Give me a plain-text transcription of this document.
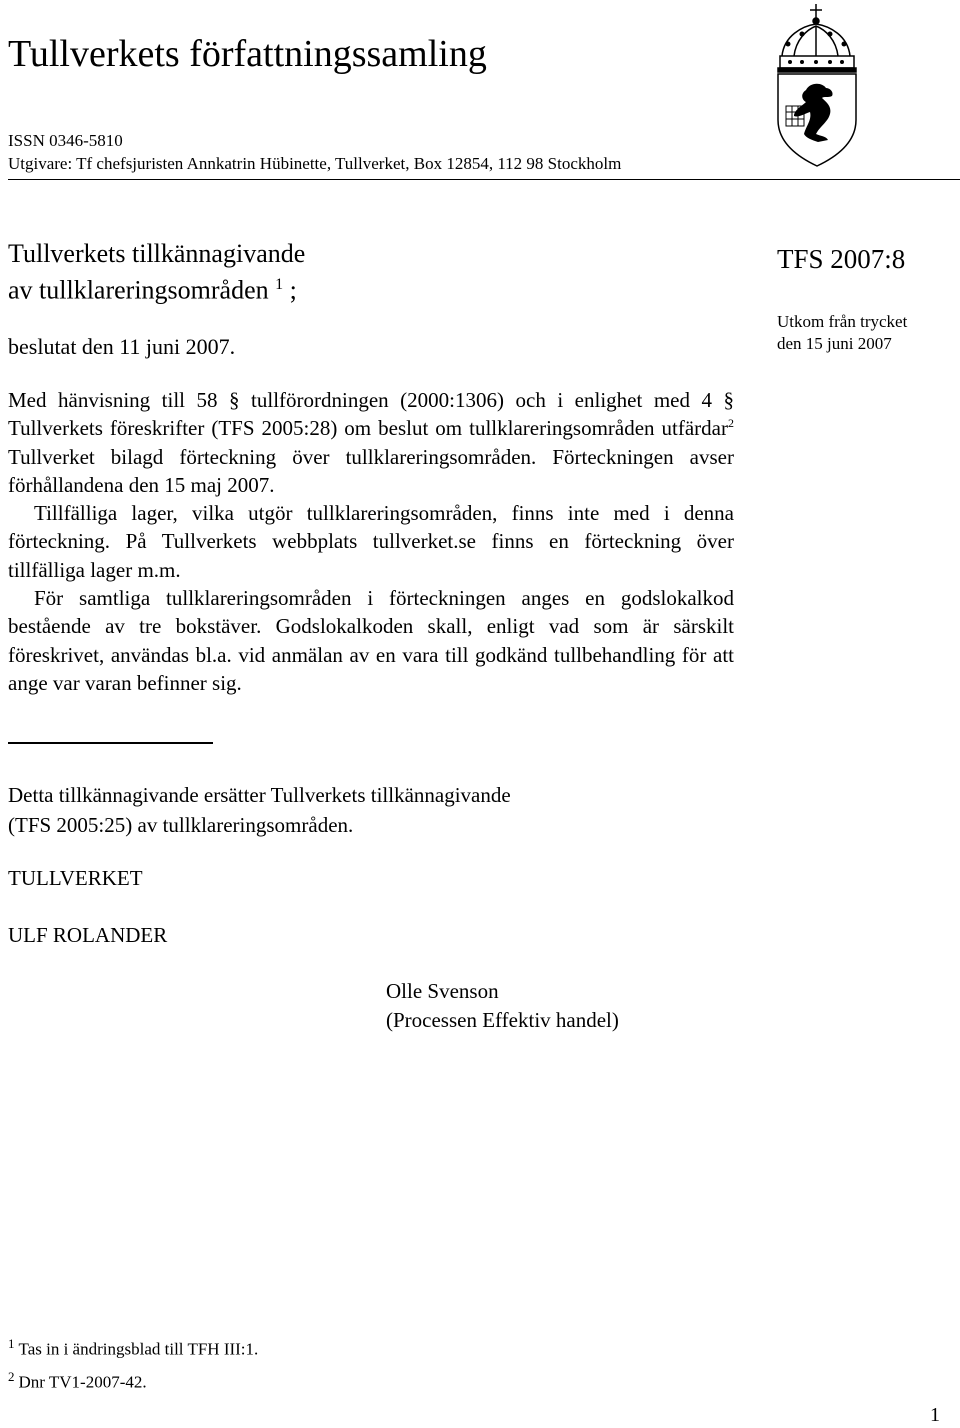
Tullverkets författningssamling
ISSN 0346-5810
Utgivare: Tf chefsjuristen Annkatrin Hübinette, Tullverket, Box 12854, 112 98 Stockholm
Tullverkets tillkännagivande
av tullklareringsområden $^1$ ;
beslutat den 11 juni 2007.
TFS 2007:8
Utkom från trycket
den 15 juni 2007

Med hänvisning till 58 § tullförordningen (2000:1306) och i enlighet med 4 § Tullverkets föreskrifter (TFS 2005:28) om beslut om tullklareringsområden utfärdar$^2$ Tullverket bilagd förteckning över tullklareringsområden. Förteckningen avser förhållandena den 15 maj 2007.

Tillfälliga lager, vilka utgör tullklareringsområden, finns inte med i denna förteckning. På Tullverkets webbplats tullverket.se finns en förteckning över tillfälliga lager m.m.

För samtliga tullklareringsområden i förteckningen anges en godslokalkod bestående av tre bokstäver. Godslokalkoden skall, enligt vad som är särskilt föreskrivet, användas bl.a. vid anmälan av en vara till godkänd tullbehandling för att ange var varan befinner sig.

Detta tillkännagivande ersätter Tullverkets tillkännagivande
(TFS 2005:25) av tullklareringsområden.
TULLVERKET
ULF ROLANDER
Olle Svenson
(Processen Effektiv handel)
$^1$ Tas in i ändringsblad till TFH III:1.
$^2$ Dnr TV1-2007-42.
1
